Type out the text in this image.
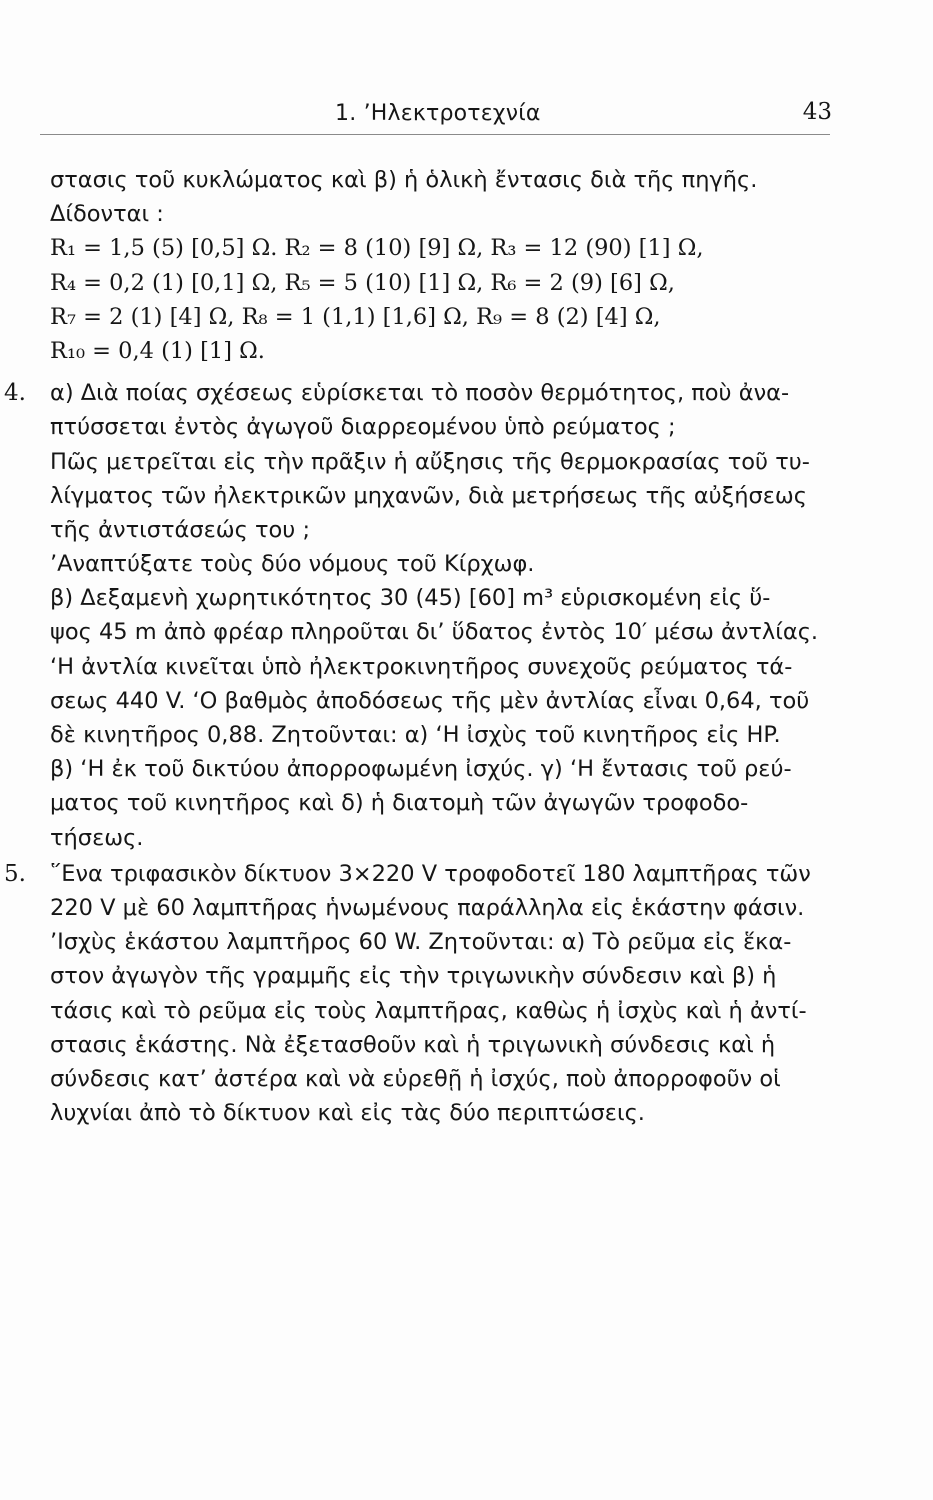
1. ’Ηλεκτροτεχνία	43
στασις τοῦ κυκλώματος καὶ β) ἡ ὁλικὴ ἔντασις διὰ τῆς πηγῆς.
Δίδονται :
R₁ = 1,5 (5) [0,5] Ω. R₂ = 8 (10) [9] Ω, R₃ = 12 (90) [1] Ω,
R₄ = 0,2 (1) [0,1] Ω, R₅ = 5 (10) [1] Ω, R₆ = 2 (9) [6] Ω,
R₇ = 2 (1) [4] Ω, R₈ = 1 (1,1) [1,6] Ω, R₉ = 8 (2) [4] Ω,
R₁₀ = 0,4 (1) [1] Ω.
4. α) Διὰ ποίας σχέσεως εὑρίσκεται τὸ ποσὸν θερμότητος, ποὺ ἀνα-
πτύσσεται ἐντὸς ἀγωγοῦ διαρρεομένου ὑπὸ ρεύματος ;
Πῶς μετρεῖται εἰς τὴν πρᾶξιν ἡ αὔξησις τῆς θερμοκρασίας τοῦ τυ-
λίγματος τῶν ἠλεκτρικῶν μηχανῶν, διὰ μετρήσεως τῆς αὐξήσεως
τῆς ἀντιστάσεώς του ;
’Αναπτύξατε τοὺς δύο νόμους τοῦ Κίρχωφ.
β) Δεξαμενὴ χωρητικότητος 30 (45) [60] m³ εὑρισκομένη εἰς ὕ-
ψος 45 m ἀπὸ φρέαρ πληροῦται δι’ ὕδατος ἐντὸς 10′ μέσω ἀντλίας.
‘Η ἀντλία κινεῖται ὑπὸ ἠλεκτροκινητῆρος συνεχοῦς ρεύματος τά-
σεως 440 V. ‘Ο βαθμὸς ἀποδόσεως τῆς μὲν ἀντλίας εἶναι 0,64, τοῦ
δὲ κινητῆρος 0,88. Ζητοῦνται: α) ‘Η ἰσχὺς τοῦ κινητῆρος εἰς HP.
β) ‘Η ἐκ τοῦ δικτύου ἀπορροφωμένη ἰσχύς. γ) ‘Η ἔντασις τοῦ ρεύ-
ματος τοῦ κινητῆρος καὶ δ) ἡ διατομὴ τῶν ἀγωγῶν τροφοδο-
τήσεως.
5. ῞Ενα τριφασικὸν δίκτυον 3×220 V τροφοδοτεῖ 180 λαμπτῆρας τῶν
220 V μὲ 60 λαμπτῆρας ἡνωμένους παράλληλα εἰς ἑκάστην φάσιν.
’Ισχὺς ἑκάστου λαμπτῆρος 60 W. Ζητοῦνται: α) Τὸ ρεῦμα εἰς ἕκα-
στον ἀγωγὸν τῆς γραμμῆς εἰς τὴν τριγωνικὴν σύνδεσιν καὶ β) ἡ
τάσις καὶ τὸ ρεῦμα εἰς τοὺς λαμπτῆρας, καθὼς ἡ ἰσχὺς καὶ ἡ ἀντί-
στασις ἑκάστης. Νὰ ἐξετασθοῦν καὶ ἡ τριγωνικὴ σύνδεσις καὶ ἡ
σύνδεσις κατ’ ἀστέρα καὶ νὰ εὑρεθῇ ἡ ἰσχύς, ποὺ ἀπορροφοῦν οἱ
λυχνίαι ἀπὸ τὸ δίκτυον καὶ εἰς τὰς δύο περιπτώσεις.
